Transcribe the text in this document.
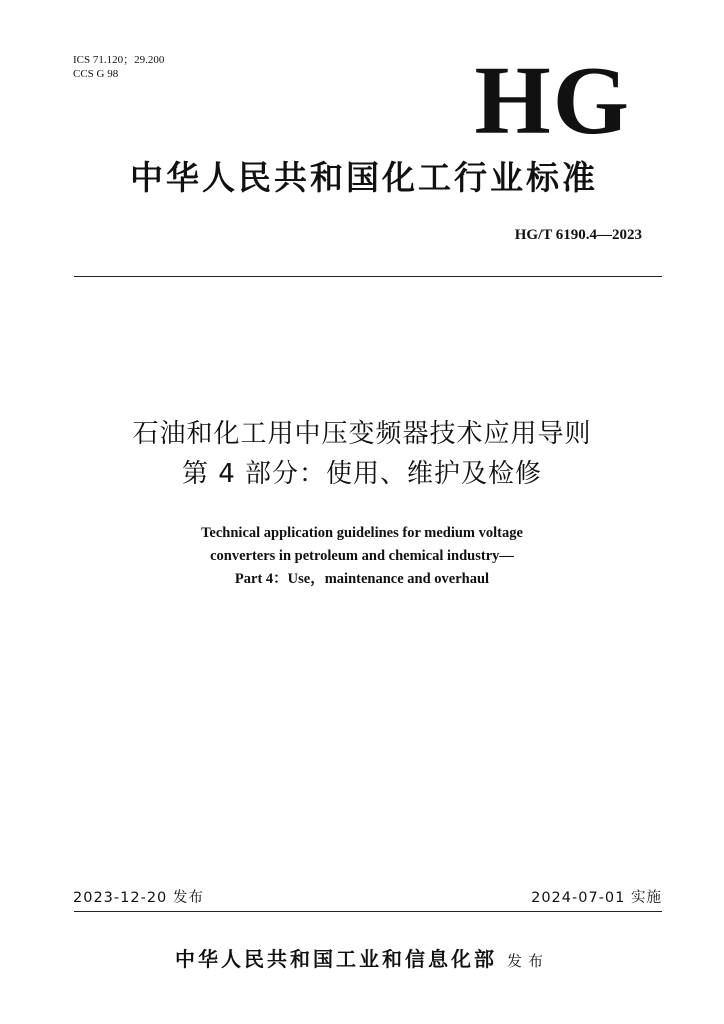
ICS 71.120；29.200
CCS G 98	HG
中华人民共和国化工行业标准
HG/T 6190.4—2023
石油和化工用中压变频器技术应用导则
第 4 部分：使用、维护及检修
Technical application guidelines for medium voltage
converters in petroleum and chemical industry—
Part 4：Use，maintenance and overhaul
2023-12-20 发布	2024-07-01 实施
中华人民共和国工业和信息化部 发布
